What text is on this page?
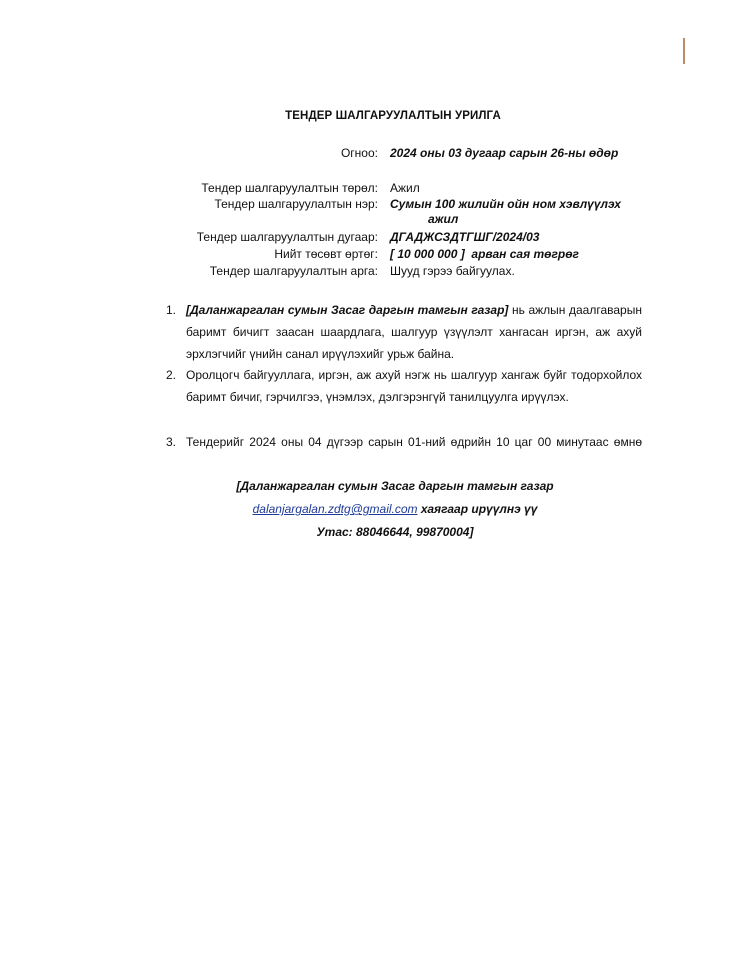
ТЕНДЕР ШАЛГАРУУЛАЛТЫН УРИЛГА
Огноо: 2024 оны 03 дугаар сарын 26-ны өдөр
Тендер шалгаруулалтын төрөл: Ажил
Тендер шалгаруулалтын нэр: Сумын 100 жилийн ойн ном хэвлүүлэх
ажил
Тендер шалгаруулалтын дугаар: ДГАДЖСЗДТГШГ/2024/03
Нийт төсөвт өртөг: [ 10 000 000 ] арван сая төгрөг
Тендер шалгаруулалтын арга: Шууд гэрээ байгуулах.
1. [Даланжаргалан сумын Засаг даргын тамгын газар] нь ажлын даалгаварын баримт бичигт заасан шаардлага, шалгуур үзүүлэлт хангасан иргэн, аж ахуй эрхлэгчийг үнийн санал ирүүлэхийг урьж байна.
2. Оролцогч байгууллага, иргэн, аж ахуй нэгж нь шалгуур хангаж буйг тодорхойлох баримт бичиг, гэрчилгээ, үнэмлэх, дэлгэрэнгүй танилцуулга ирүүлэх.
3. Тендерийг 2024 оны 04 дүгээр сарын 01-ний өдрийн 10 цаг 00 минутаас өмнө
[Даланжаргалан сумын Засаг даргын тамгын газар
dalanjargalan.zdtg@gmail.com хаягаар ирүүлнэ үү
Утас: 88046644, 99870004]
